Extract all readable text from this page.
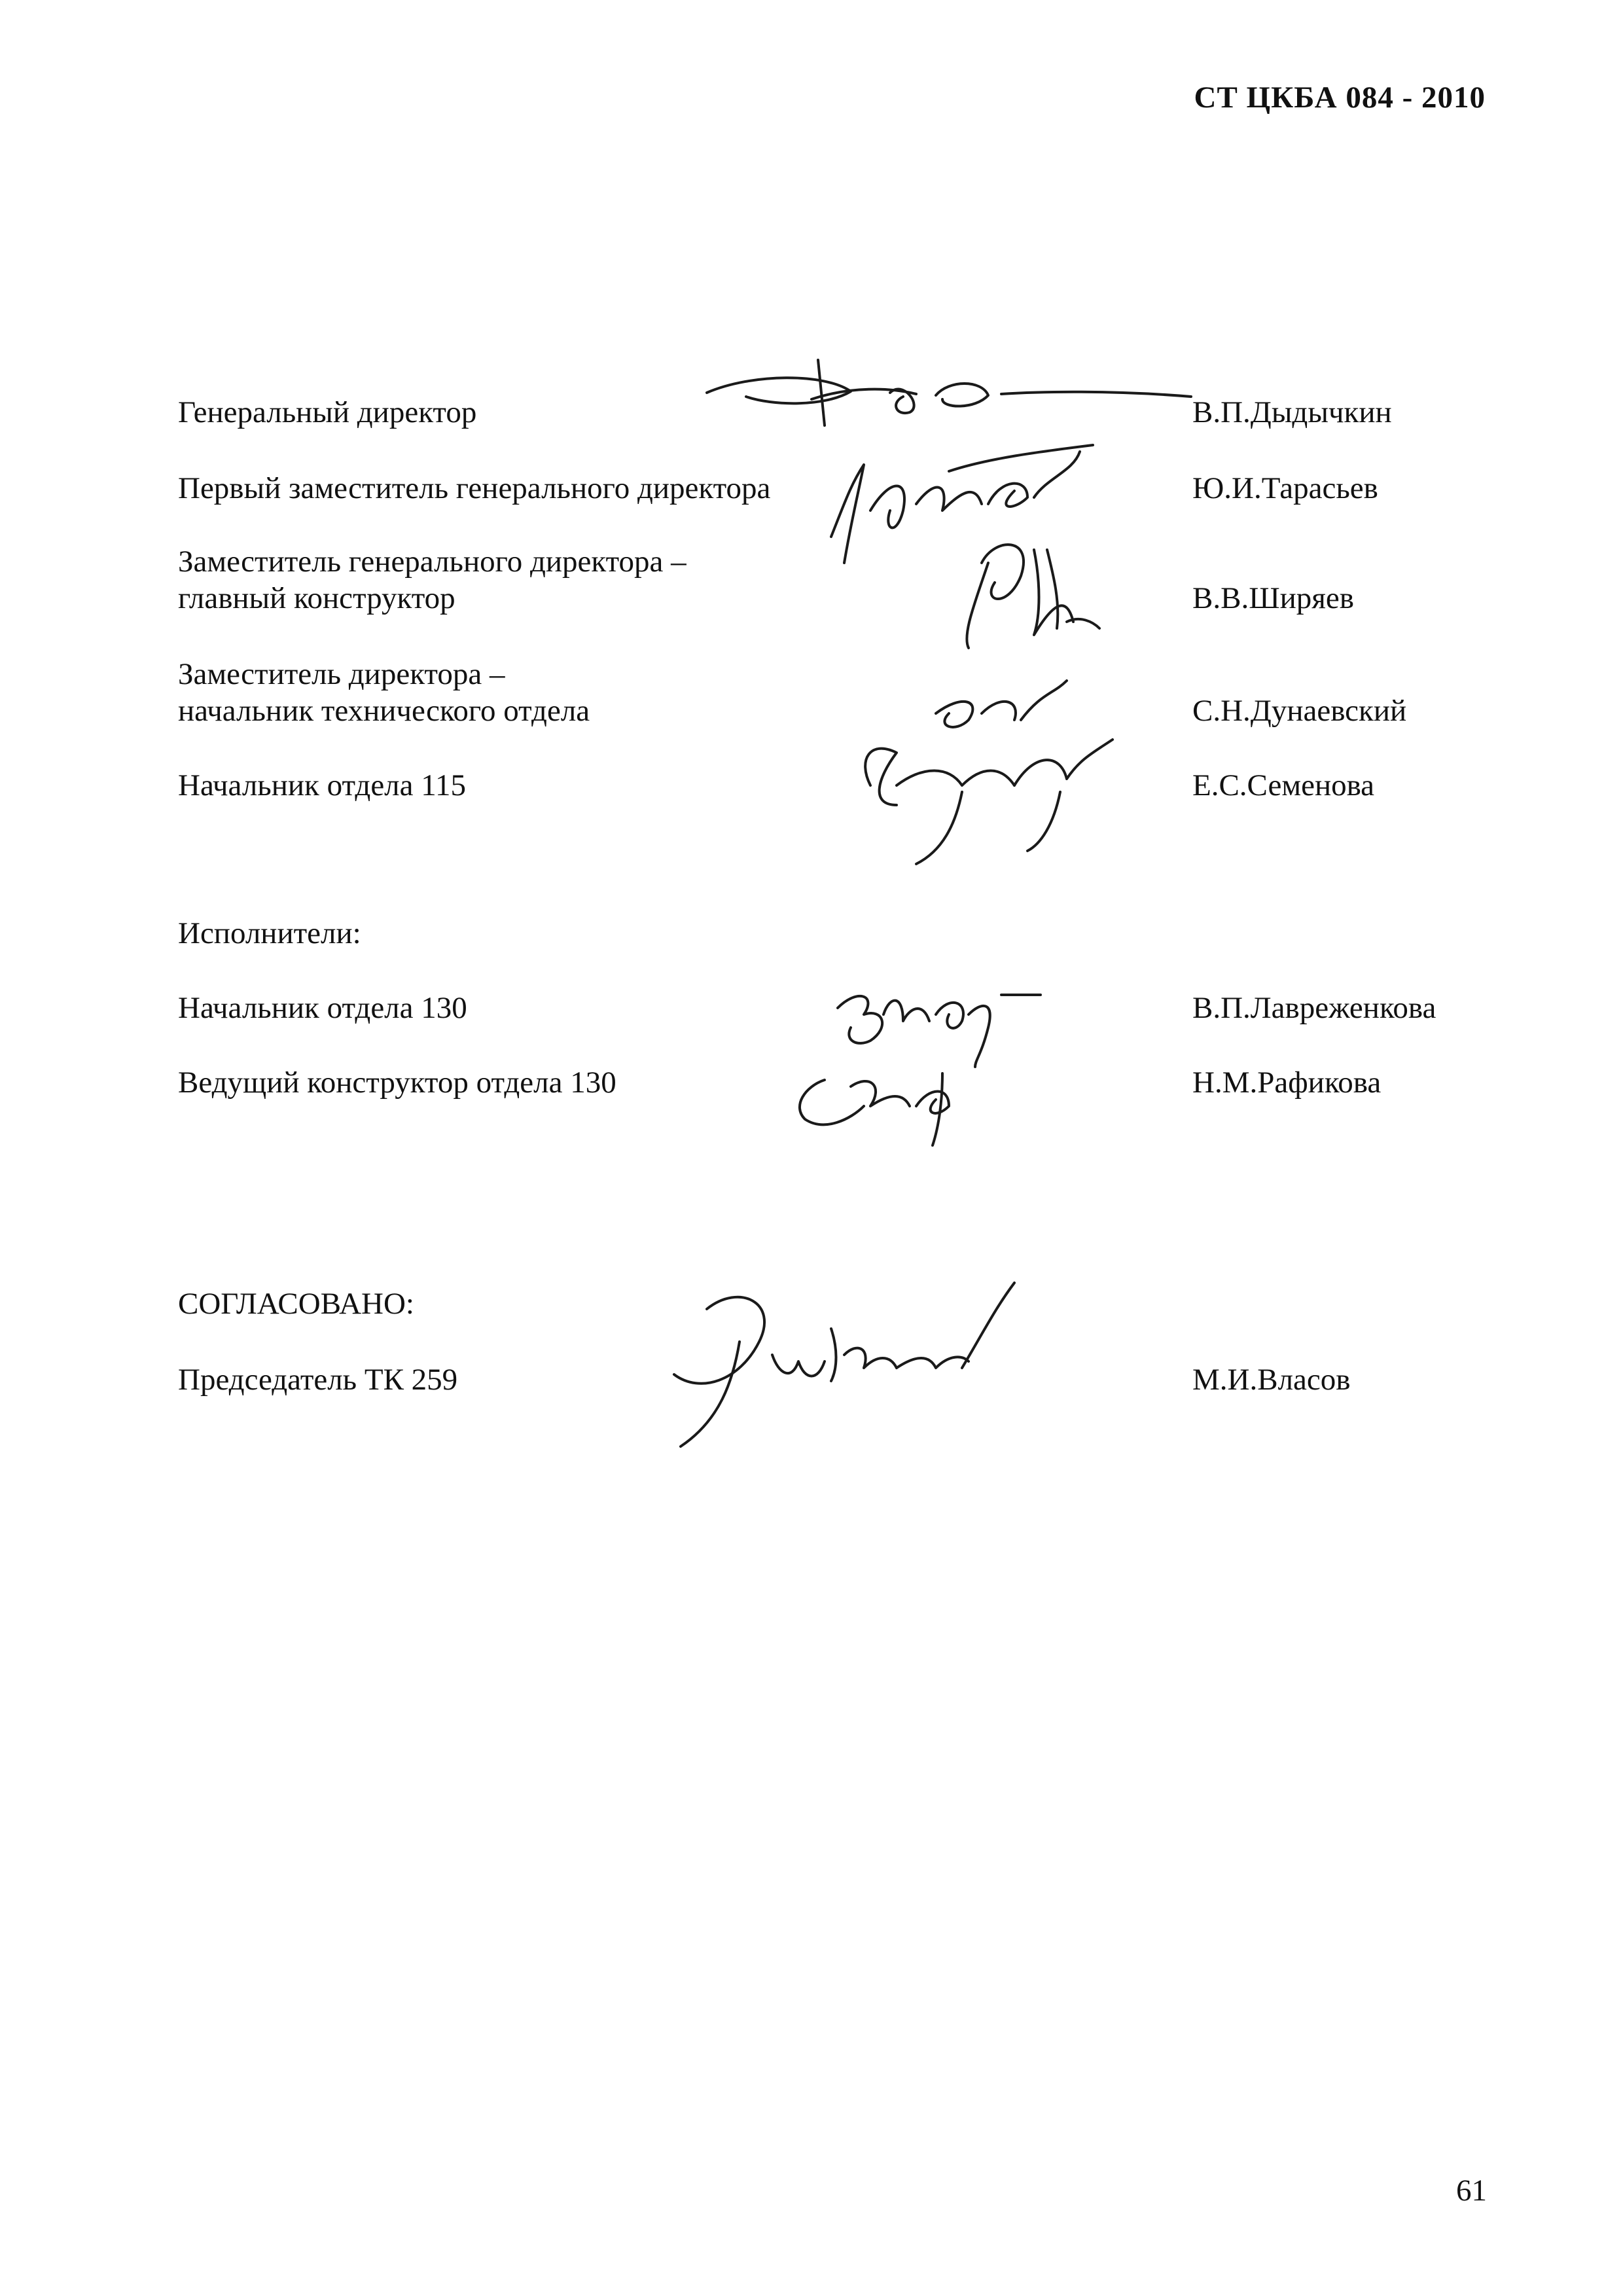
СТ ЦКБА 084 - 2010
Генеральный директор	В.П.Дыдычкин
Первый заместитель генерального директора	Ю.И.Тарасьев
Заместитель генерального директора –
главный конструктор	В.В.Ширяев
Заместитель директора –
начальник технического отдела	С.Н.Дунаевский
Начальник отдела 115	Е.С.Семенова
Исполнители:
Начальник отдела 130	В.П.Лавреженкова
Ведущий конструктор отдела 130	Н.М.Рафикова
СОГЛАСОВАНО:
Председатель ТК 259	М.И.Власов
61
